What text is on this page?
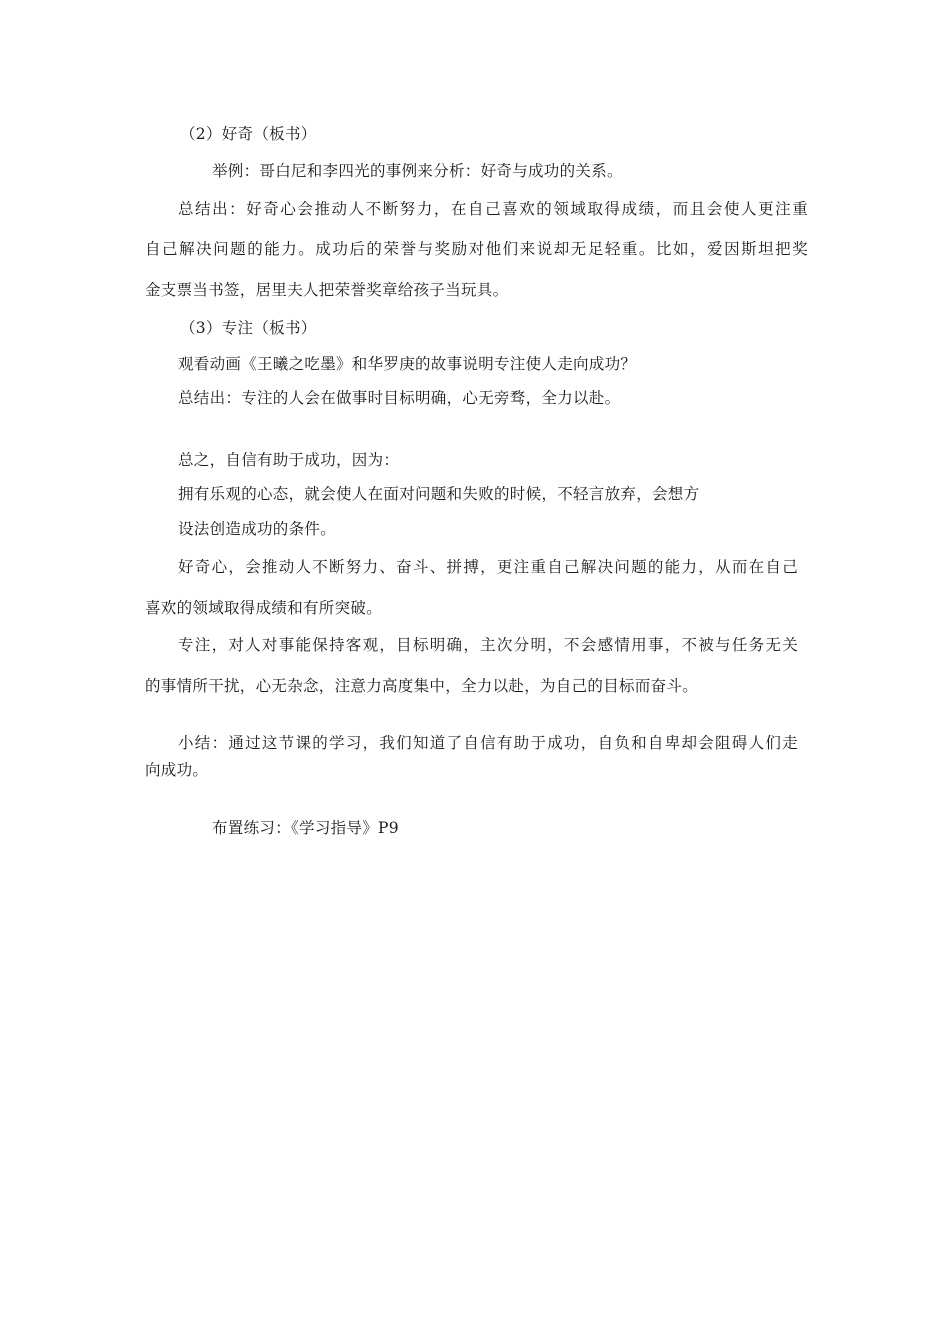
（2）好奇（板书）
举例：哥白尼和李四光的事例来分析：好奇与成功的关系。
总结出：好奇心会推动人不断努力，在自己喜欢的领域取得成绩，而且会使人更注重
自己解决问题的能力。成功后的荣誉与奖励对他们来说却无足轻重。比如，爱因斯坦把奖
金支票当书签，居里夫人把荣誉奖章给孩子当玩具。
（3）专注（板书）
观看动画《王曦之吃墨》和华罗庚的故事说明专注使人走向成功？
总结出：专注的人会在做事时目标明确，心无旁骛，全力以赴。
总之，自信有助于成功，因为：
拥有乐观的心态，就会使人在面对问题和失败的时候，不轻言放弃，会想方
设法创造成功的条件。
好奇心，会推动人不断努力、奋斗、拼搏，更注重自己解决问题的能力，从而在自己
喜欢的领域取得成绩和有所突破。
专注，对人对事能保持客观，目标明确，主次分明，不会感情用事，不被与任务无关
的事情所干扰，心无杂念，注意力高度集中，全力以赴，为自己的目标而奋斗。
小结：通过这节课的学习，我们知道了自信有助于成功，自负和自卑却会阻碍人们走
向成功。
布置练习：《学习指导》P9
